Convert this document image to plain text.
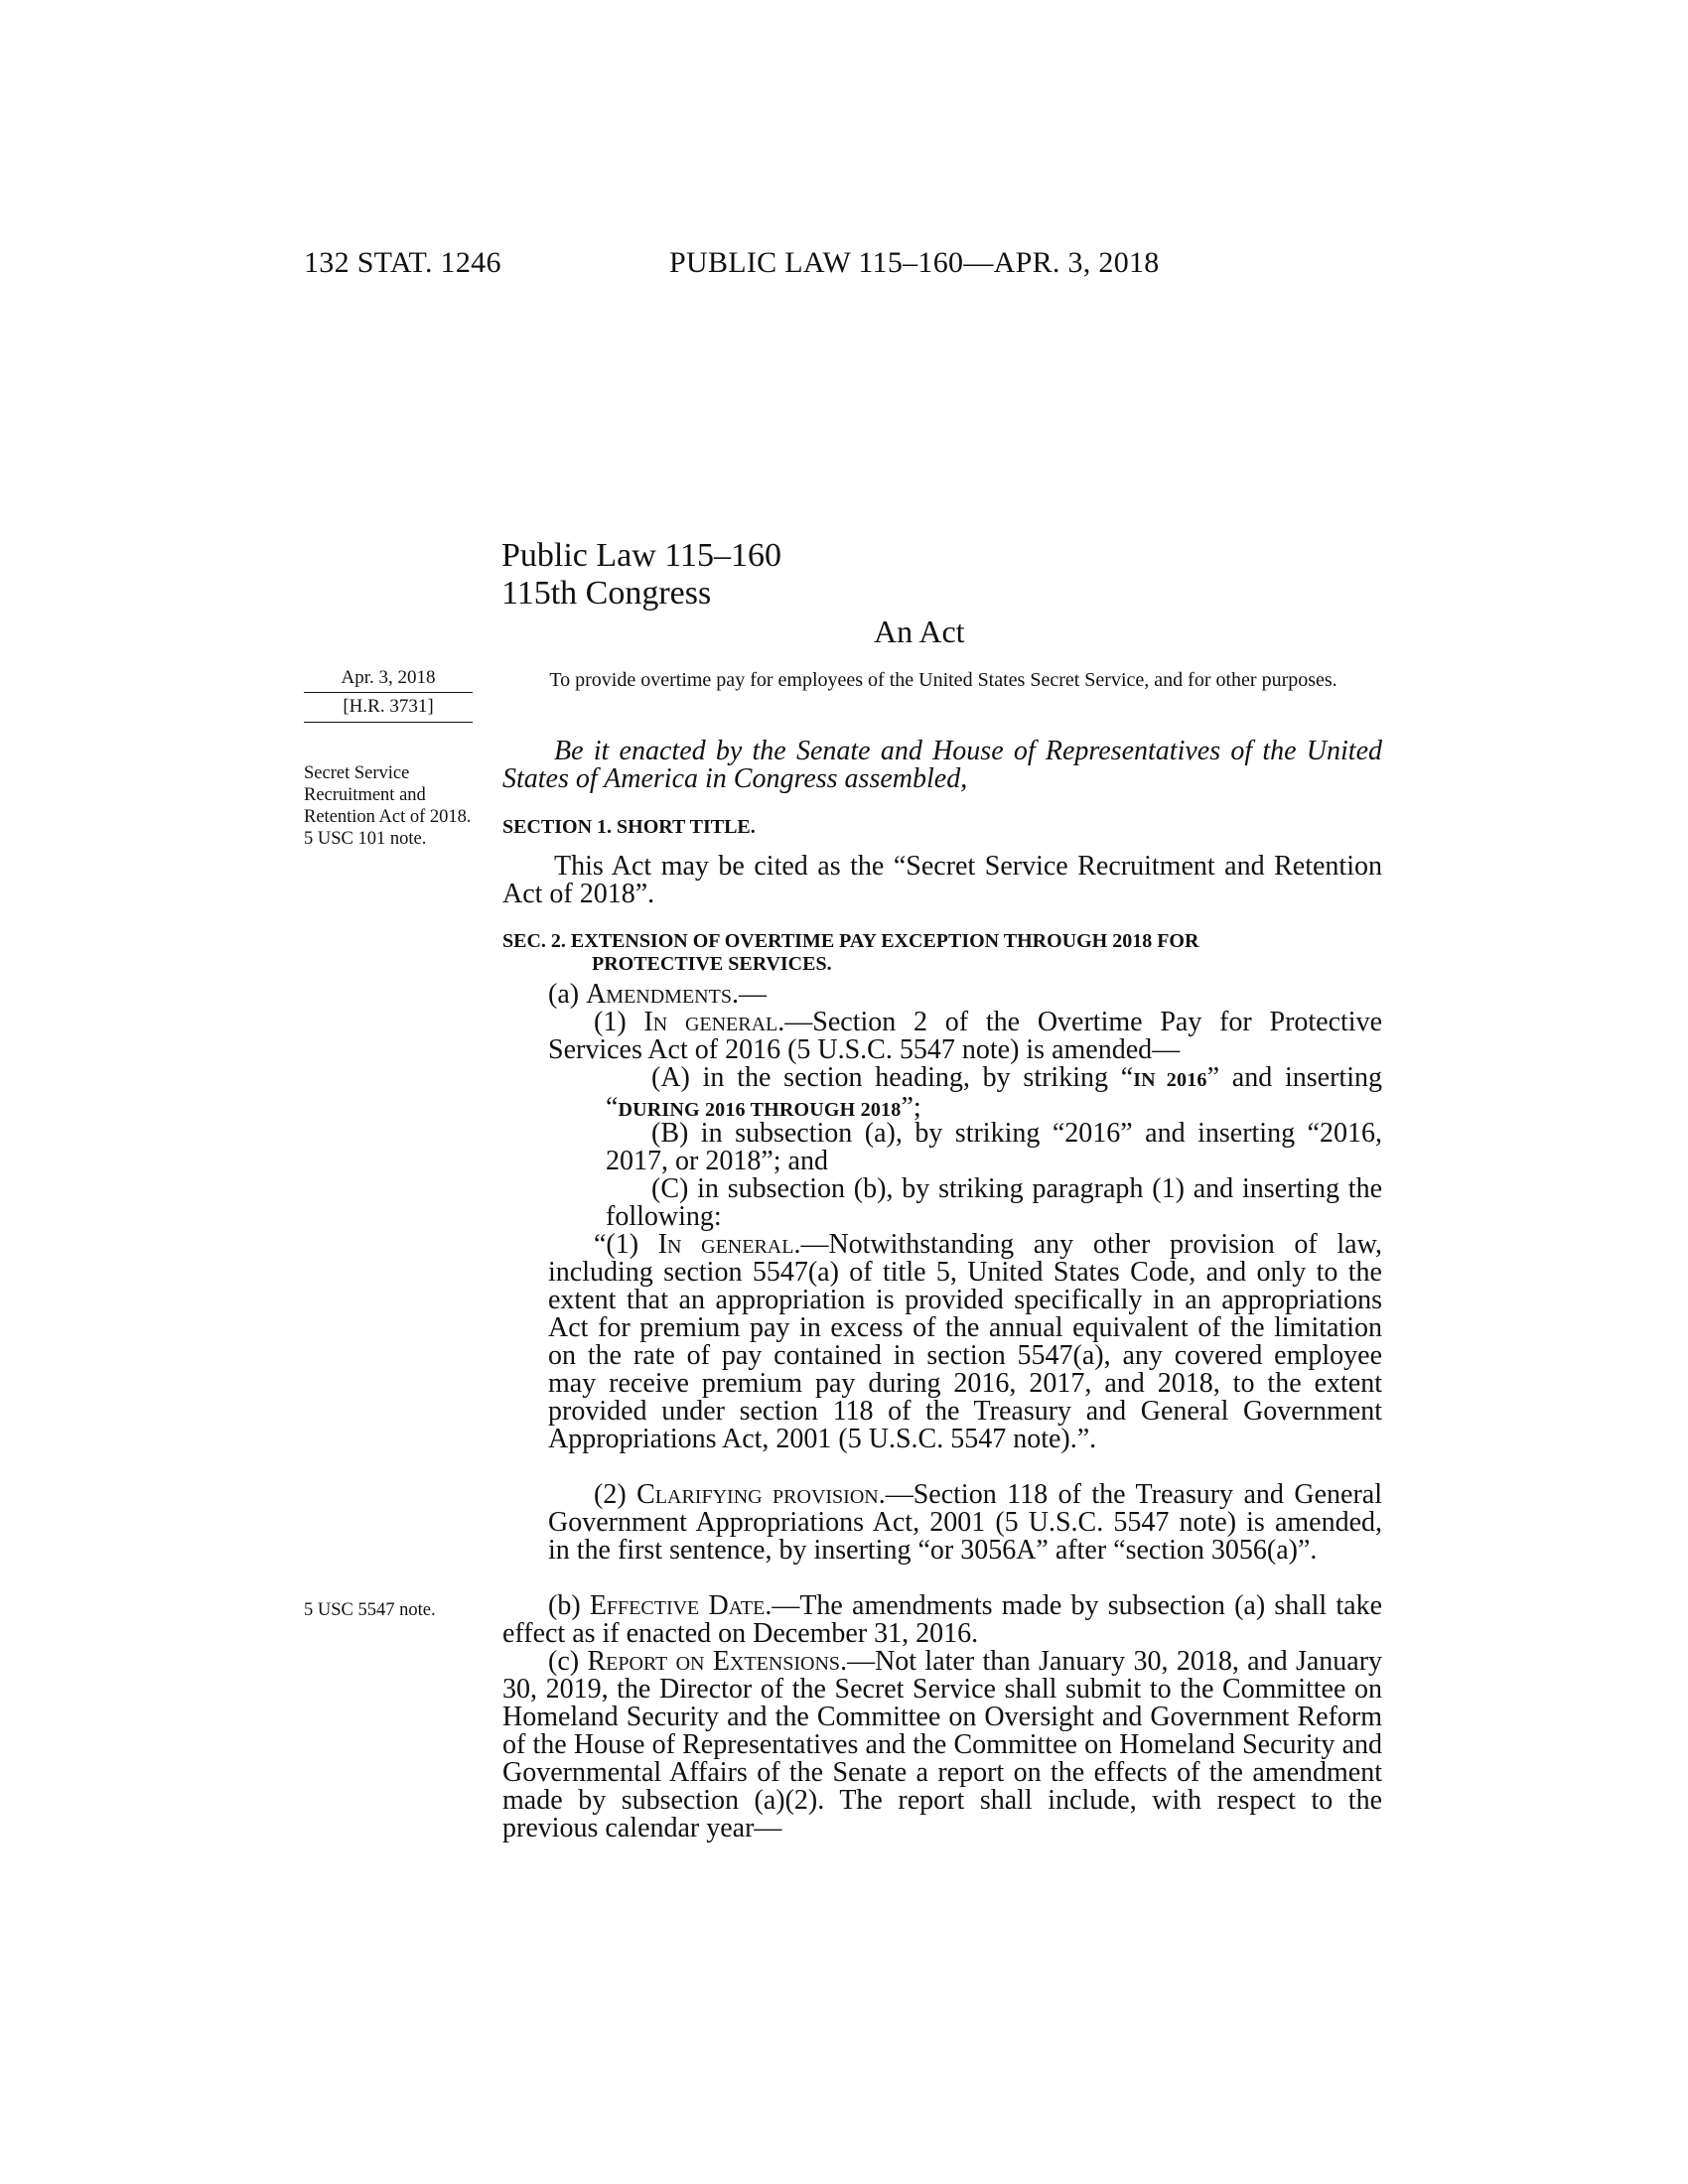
132 STAT. 1246	PUBLIC LAW 115–160—APR. 3, 2018
Public Law 115–160
115th Congress
An Act
Apr. 3, 2018
[H.R. 3731]
To provide overtime pay for employees of the United States Secret Service, and for other purposes.
Secret Service Recruitment and Retention Act of 2018.
5 USC 101 note.
5 USC 5547 note.
Be it enacted by the Senate and House of Representatives of the United States of America in Congress assembled,
SECTION 1. SHORT TITLE.
This Act may be cited as the “Secret Service Recruitment and Retention Act of 2018”.
SEC. 2. EXTENSION OF OVERTIME PAY EXCEPTION THROUGH 2018 FOR
PROTECTIVE SERVICES.
(a) Amendments.—
(1) In general.—Section 2 of the Overtime Pay for Protective Services Act of 2016 (5 U.S.C. 5547 note) is amended—
(A) in the section heading, by striking “IN 2016” and inserting “DURING 2016 THROUGH 2018”;
(B) in subsection (a), by striking “2016” and inserting “2016, 2017, or 2018”; and
(C) in subsection (b), by striking paragraph (1) and inserting the following:
“(1) In general.—Notwithstanding any other provision of law, including section 5547(a) of title 5, United States Code, and only to the extent that an appropriation is provided specifically in an appropriations Act for premium pay in excess of the annual equivalent of the limitation on the rate of pay contained in section 5547(a), any covered employee may receive premium pay during 2016, 2017, and 2018, to the extent provided under section 118 of the Treasury and General Government Appropriations Act, 2001 (5 U.S.C. 5547 note).”.
(2) Clarifying provision.—Section 118 of the Treasury and General Government Appropriations Act, 2001 (5 U.S.C. 5547 note) is amended, in the first sentence, by inserting “or 3056A” after “section 3056(a)”.
(b) Effective Date.—The amendments made by subsection (a) shall take effect as if enacted on December 31, 2016.
(c) Report on Extensions.—Not later than January 30, 2018, and January 30, 2019, the Director of the Secret Service shall submit to the Committee on Homeland Security and the Committee on Oversight and Government Reform of the House of Representatives and the Committee on Homeland Security and Governmental Affairs of the Senate a report on the effects of the amendment made by subsection (a)(2). The report shall include, with respect to the previous calendar year—
